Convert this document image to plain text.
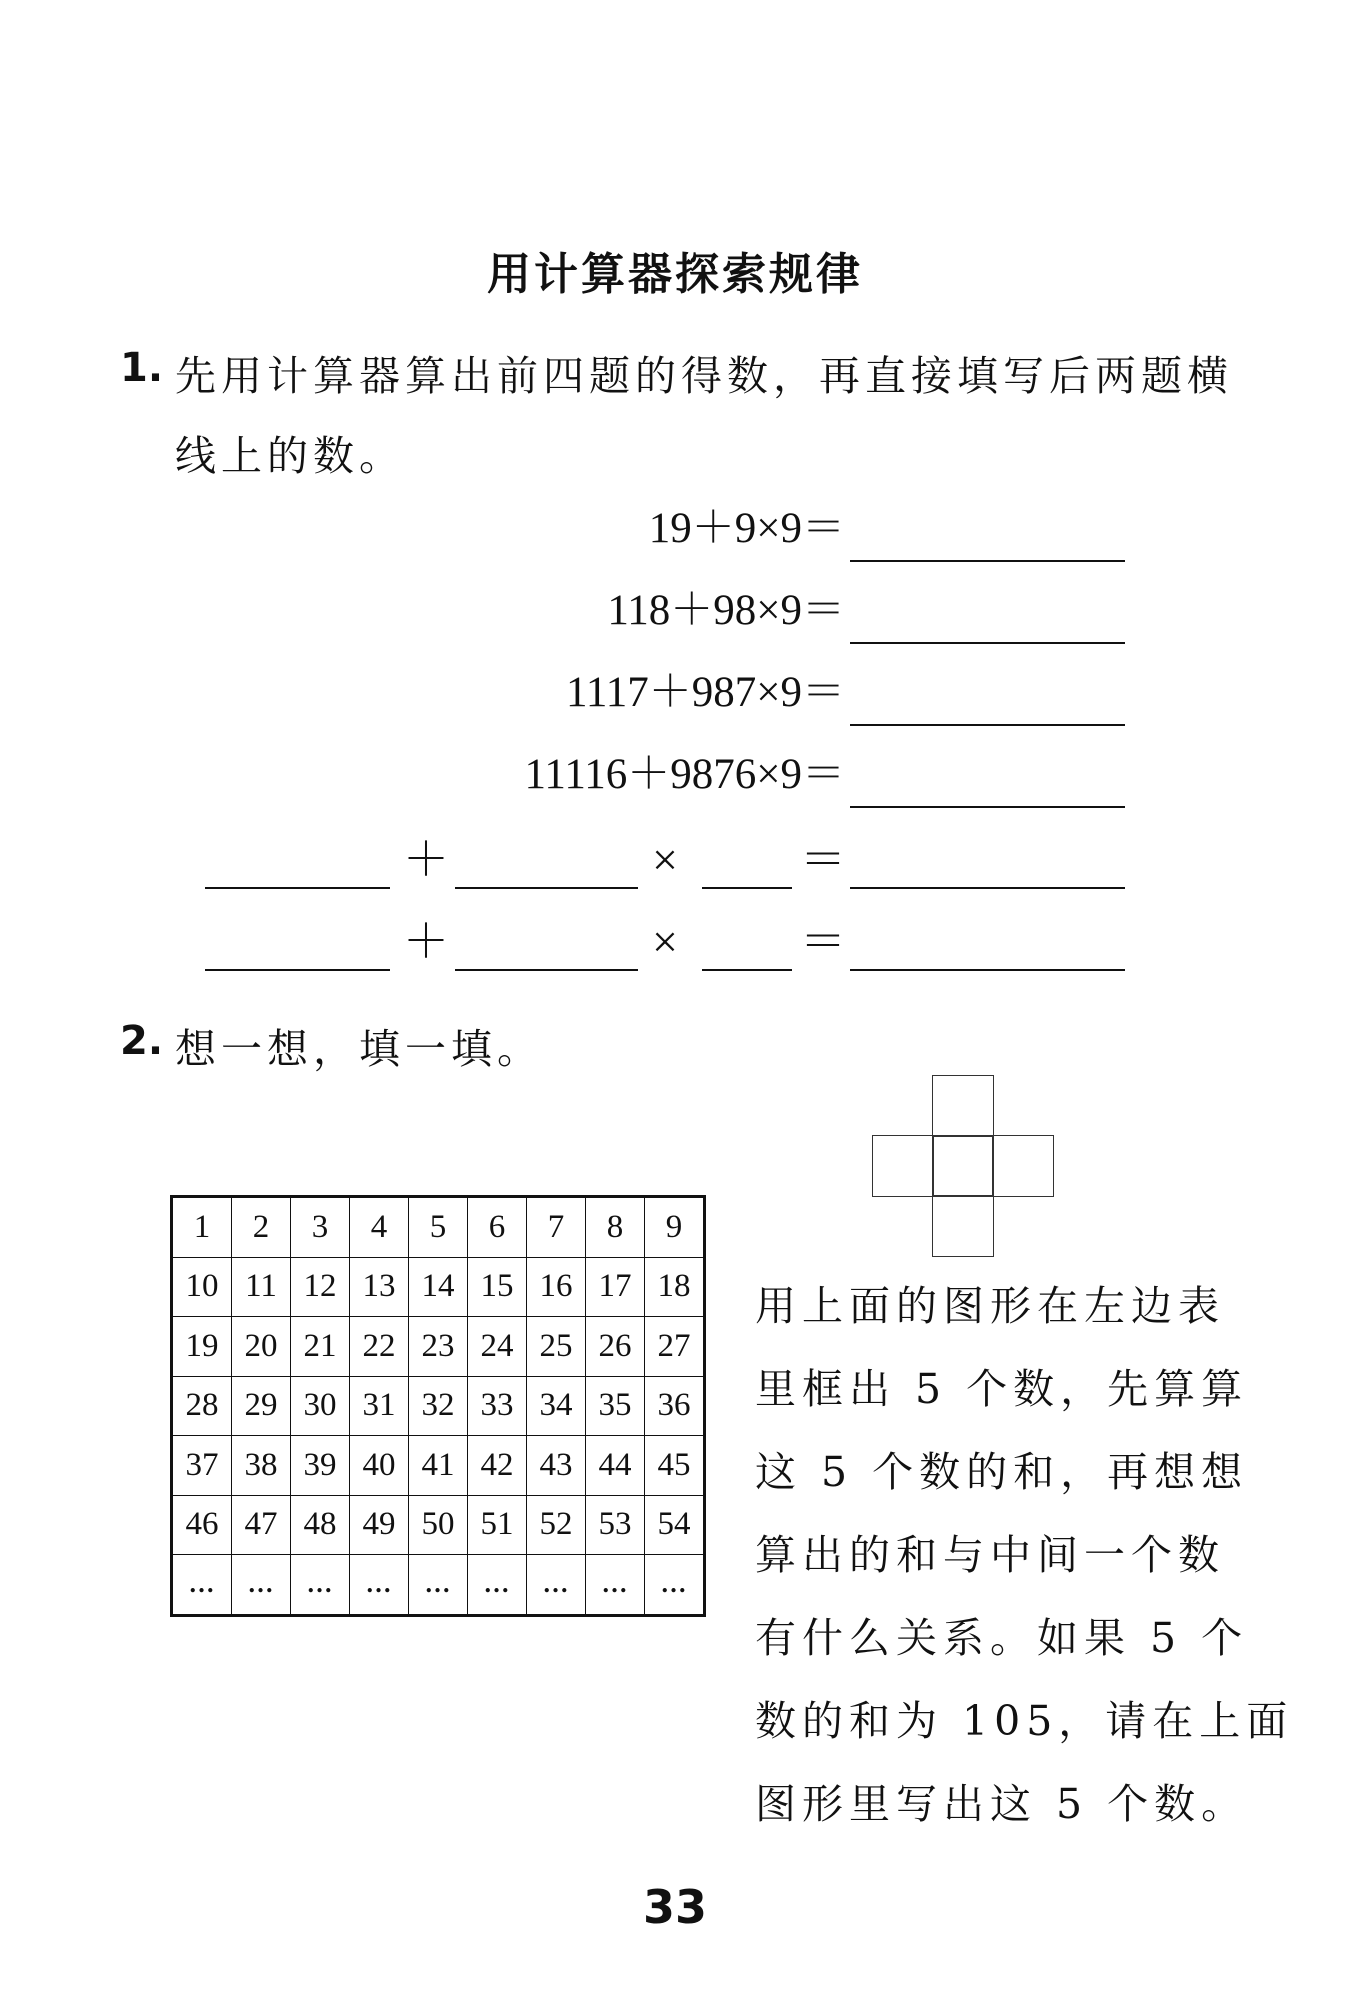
用计算器探索规律
1. 先用计算器算出前四题的得数，再直接填写后两题横
线上的数。
19＋9×9＝
118＋98×9＝
1117＋987×9＝
11116＋9876×9＝
＋	×	＝
＋	×	＝
2. 想一想，填一填。
1	2	3	4	5	6	7	8	9
10	11	12	13	14	15	16	17	18
19	20	21	22	23	24	25	26	27
28	29	30	31	32	33	34	35	36
37	38	39	40	41	42	43	44	45
46	47	48	49	50	51	52	53	54
…	…	…	…	…	…	…	…	…
用上面的图形在左边表
里框出 5 个数，先算算
这 5 个数的和，再想想
算出的和与中间一个数
有什么关系。如果 5 个
数的和为 105，请在上面
图形里写出这 5 个数。
33
